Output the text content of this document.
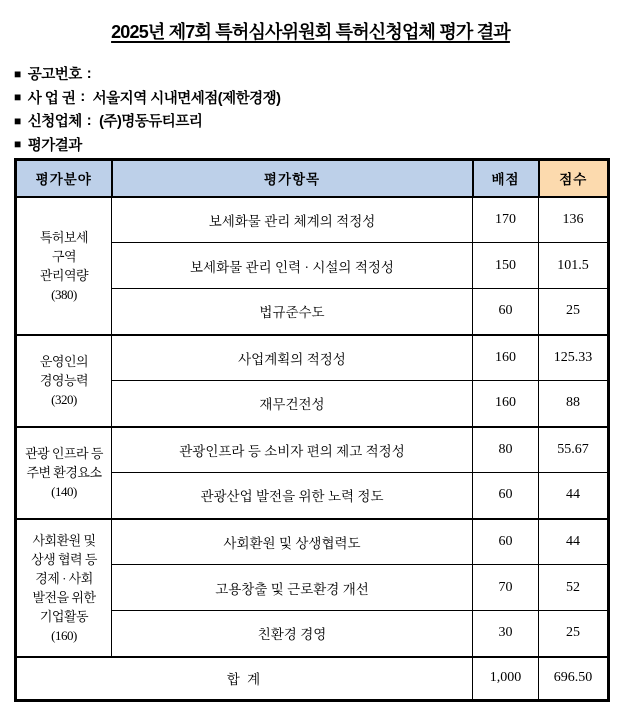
2025년 제7회 특허심사위원회 특허신청업체 평가 결과
■ 공고번호 :
■ 사 업 권 : 서울지역 시내면세점(제한경쟁)
■ 신청업체 : (주)명동듀티프리
■ 평가결과
평가분야	평가항목	배점	점수
특허보세
구역
관리역량
(380)	보세화물 관리 체계의 적정성	170	136
	보세화물 관리 인력 · 시설의 적정성	150	101.5
	법규준수도	60	25
운영인의
경영능력
(320)	사업계획의 적정성	160	125.33
	재무건전성	160	88
관광 인프라 등
주변 환경요소
(140)	관광인프라 등 소비자 편의 제고 적정성	80	55.67
	관광산업 발전을 위한 노력 정도	60	44
사회환원 및
상생 협력 등
경제 · 사회
발전을 위한
기업활동
(160)	사회환원 및 상생협력도	60	44
	고용창출 및 근로환경 개선	70	52
	친환경 경영	30	25
합 계		1,000	696.50
